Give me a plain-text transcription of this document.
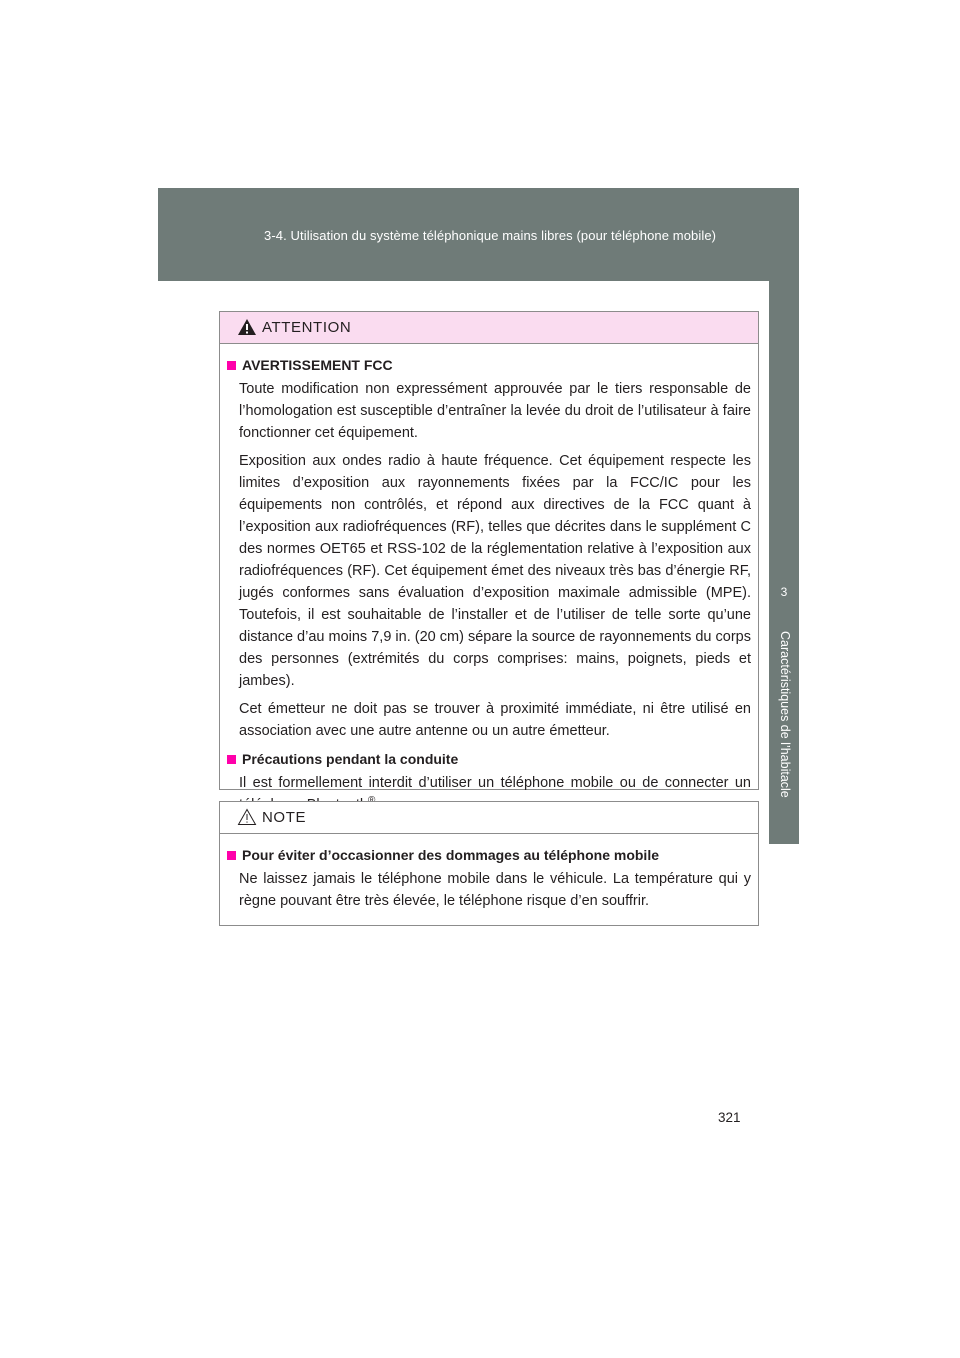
3-4. Utilisation du système téléphonique mains libres (pour téléphone mobile)
3
Caractéristiques de l’habitacle
ATTENTION
AVERTISSEMENT FCC

Toute modification non expressément approuvée par le tiers responsable de l’homologation est susceptible d’entraîner la levée du droit de l’utilisateur à faire fonctionner cet équipement.

Exposition aux ondes radio à haute fréquence. Cet équipement respecte les limites d’exposition aux rayonnements fixées par la FCC/IC pour les équipements non contrôlés, et répond aux directives de la FCC quant à l’exposition aux radiofréquences (RF), telles que décrites dans le supplément C des normes OET65 et RSS-102 de la réglementation relative à l’exposition aux radiofréquences (RF). Cet équipement émet des niveaux très bas d’énergie RF, jugés conformes sans évaluation d’exposition maximale admissible (MPE). Toutefois, il est souhaitable de l’installer et de l’utiliser de telle sorte qu’une distance d’au moins 7,9 in. (20 cm) sépare la source de rayonnements du corps des personnes (extrémités du corps comprises: mains, poignets, pieds et jambes).

Cet émetteur ne doit pas se trouver à proximité immédiate, ni être utilisé en association avec une autre antenne ou un autre émetteur.

Précautions pendant la conduite

Il est formellement interdit d’utiliser un téléphone mobile ou de connecter un

NOTE
Pour éviter d’occasionner des dommages au téléphone mobile

Ne laissez jamais le téléphone mobile dans le véhicule. La température qui y règne pouvant être très élevée, le téléphone risque d’en souffrir.

321
